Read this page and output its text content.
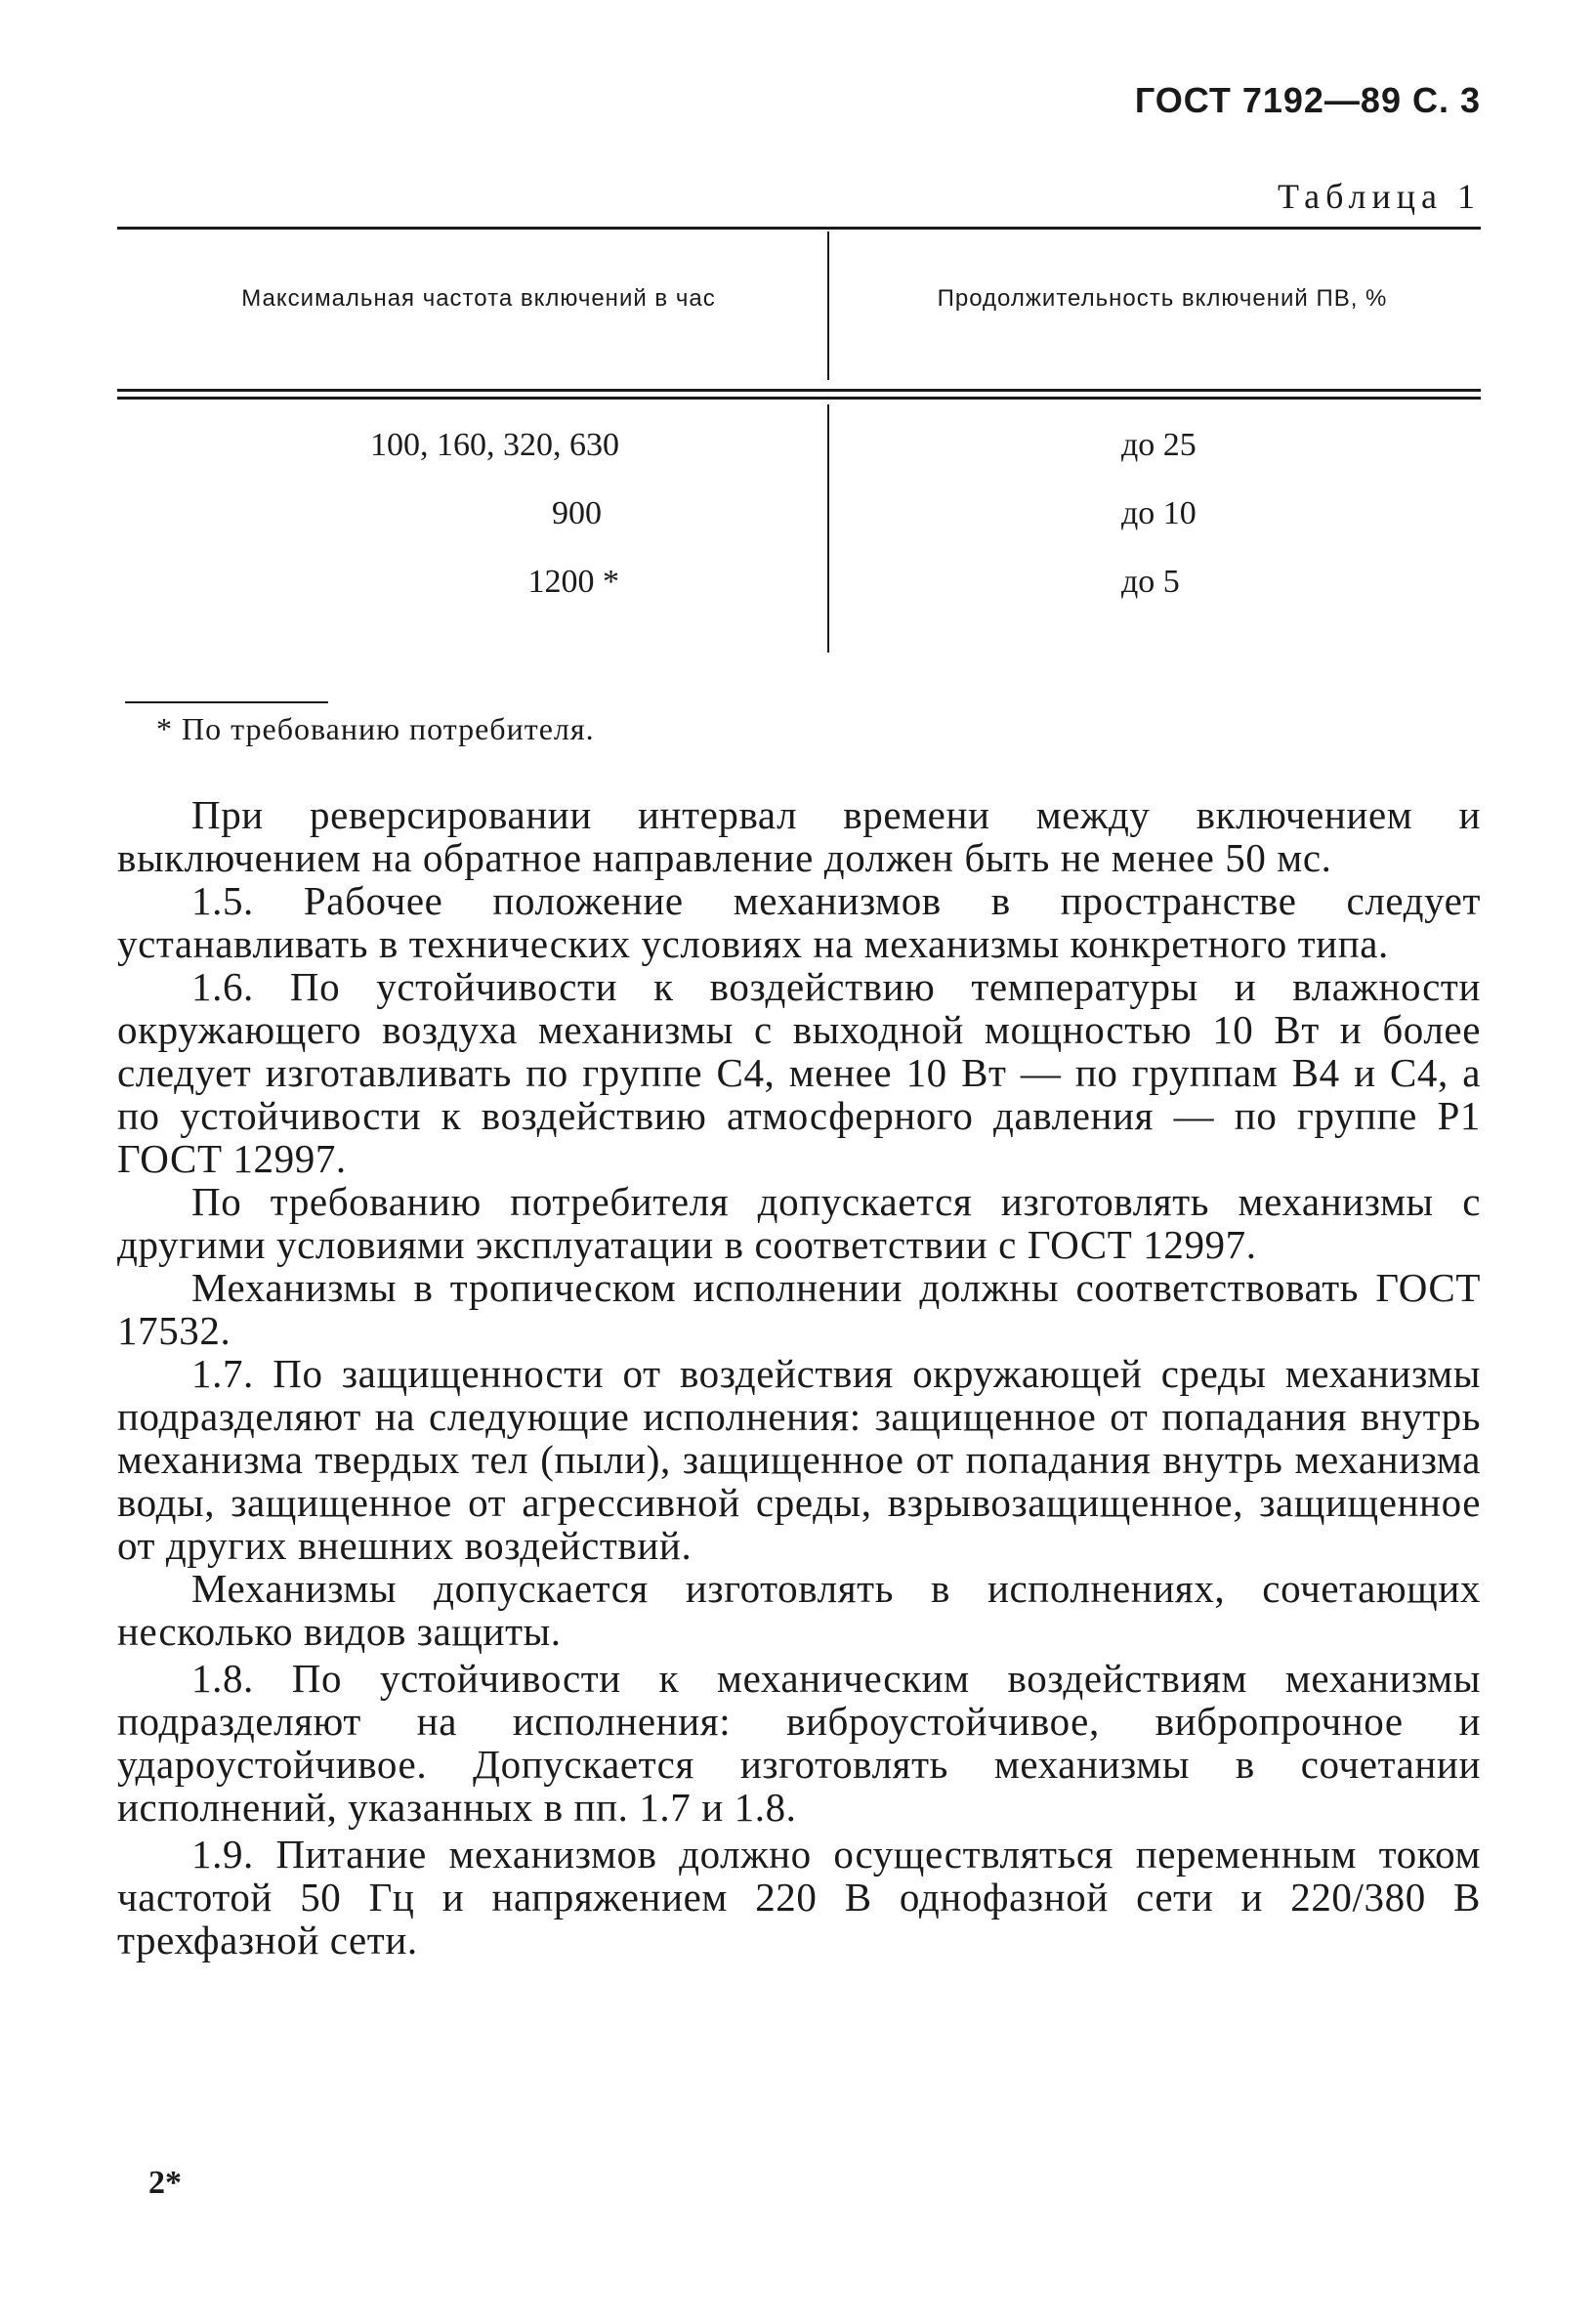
ГОСТ 7192—89 С. 3
Таблица 1
Максимальная частота включений в час	Продолжительность включений ПВ, %
100, 160, 320, 630	до 25
900	до 10
1200 *	до 5
* По требованию потребителя.

При реверсировании интервал времени между включением и выключением на обратное направление должен быть не менее 50 мс.

1.5. Рабочее положение механизмов в пространстве следует устанавливать в технических условиях на механизмы конкретного типа.

1.6. По устойчивости к воздействию температуры и влажности окружающего воздуха механизмы с выходной мощностью 10 Вт и более следует изготавливать по группе С4, менее 10 Вт — по группам В4 и С4, а по устойчивости к воздействию атмосферного давления — по группе Р1 ГОСТ 12997.

По требованию потребителя допускается изготовлять механизмы с другими условиями эксплуатации в соответствии с ГОСТ 12997.

Механизмы в тропическом исполнении должны соответствовать ГОСТ 17532.

1.7. По защищенности от воздействия окружающей среды механизмы подразделяют на следующие исполнения: защищенное от попадания внутрь механизма твердых тел (пыли), защищенное от попадания внутрь механизма воды, защищенное от агрессивной среды, взрывозащищенное, защищенное от других внешних воздействий.

Механизмы допускается изготовлять в исполнениях, сочетающих несколько видов защиты.

1.8. По устойчивости к механическим воздействиям механизмы подразделяют на исполнения: виброустойчивое, вибропрочное и ударoустойчивое. Допускается изготовлять механизмы в сочетании исполнений, указанных в пп. 1.7 и 1.8.

1.9. Питание механизмов должно осуществляться переменным током частотой 50 Гц и напряжением 220 В однофазной сети и 220/380 В трехфазной сети.

2*
